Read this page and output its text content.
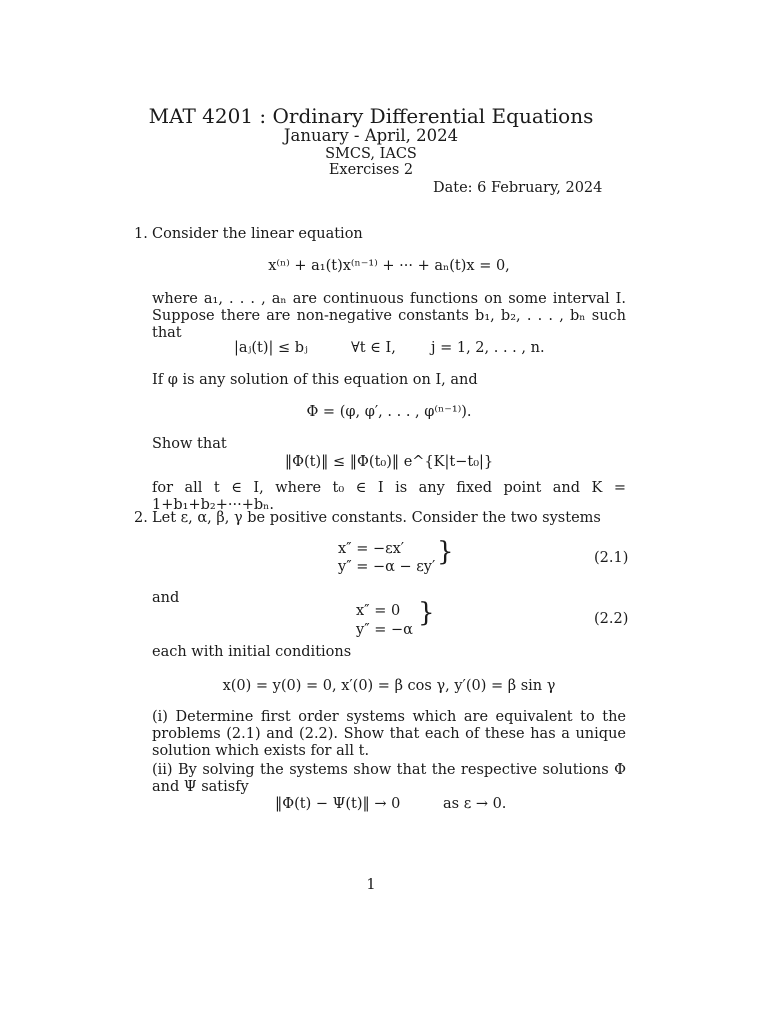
MAT 4201 : Ordinary Differential Equations
January - April, 2024
SMCS, IACS
Exercises 2
Date: 6 February, 2024
1. Consider the linear equation
x⁽ⁿ⁾ + a₁(t)x⁽ⁿ⁻¹⁾ + ··· + aₙ(t)x = 0,
where a₁, . . . , aₙ are continuous functions on some interval I. Suppose there are non-negative constants b₁, b₂, . . . , bₙ such that
|aⱼ(t)| ≤ bⱼ	∀t ∈ I, j = 1, 2, . . . , n.
If φ is any solution of this equation on I, and
Φ = (φ, φ′, . . . , φ⁽ⁿ⁻¹⁾).
Show that
‖Φ(t)‖ ≤ ‖Φ(t₀)‖ e^{K|t−t₀|}
for all t ∈ I, where t₀ ∈ I is any fixed point and K = 1+b₁+b₂+···+bₙ.
2. Let ε, α, β, γ be positive constants. Consider the two systems
x″ = −εx′
y″ = −α − εy′ }	(2.1)
and
x″ = 0
y″ = −α
}	(2.2)
each with initial conditions
x(0) = y(0) = 0, x′(0) = β cos γ, y′(0) = β sin γ
(i) Determine first order systems which are equivalent to the problems (2.1) and (2.2). Show that each of these has a unique solution which exists for all t.
(ii) By solving the systems show that the respective solutions Φ and Ψ satisfy
‖Φ(t) − Ψ(t)‖ → 0	as ε → 0.
1
